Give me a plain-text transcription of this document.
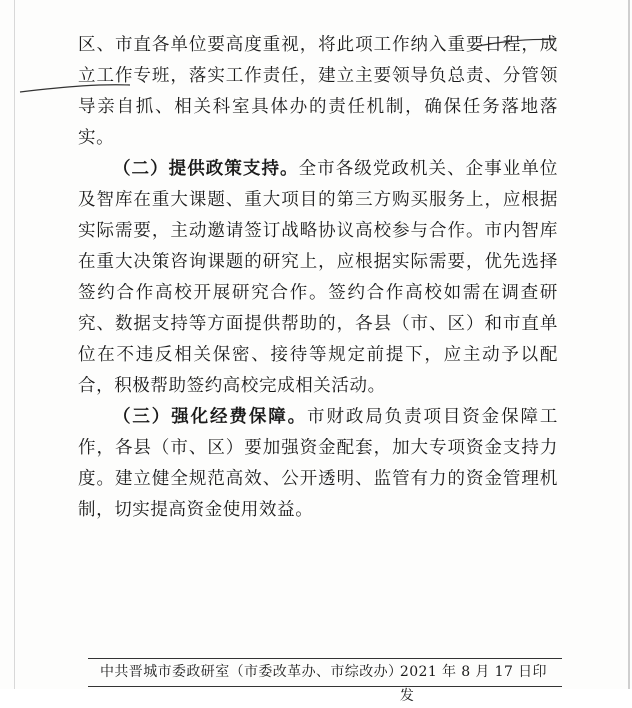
区、市直各单位要高度重视，将此项工作纳入重要日程，成立工作专班，落实工作责任，建立主要领导负总责、分管领导亲自抓、相关科室具体办的责任机制，确保任务落地落实。

（二）提供政策支持。全市各级党政机关、企事业单位及智库在重大课题、重大项目的第三方购买服务上，应根据实际需要，主动邀请签订战略协议高校参与合作。市内智库在重大决策咨询课题的研究上，应根据实际需要，优先选择签约合作高校开展研究合作。签约合作高校如需在调查研究、数据支持等方面提供帮助的，各县（市、区）和市直单位在不违反相关保密、接待等规定前提下，应主动予以配合，积极帮助签约高校完成相关活动。

（三）强化经费保障。市财政局负责项目资金保障工作，各县（市、区）要加强资金配套，加大专项资金支持力度。建立健全规范高效、公开透明、监管有力的资金管理机制，切实提高资金使用效益。

中共晋城市委政研室（市委改革办、市综改办）
2021 年 8 月 17 日印发
